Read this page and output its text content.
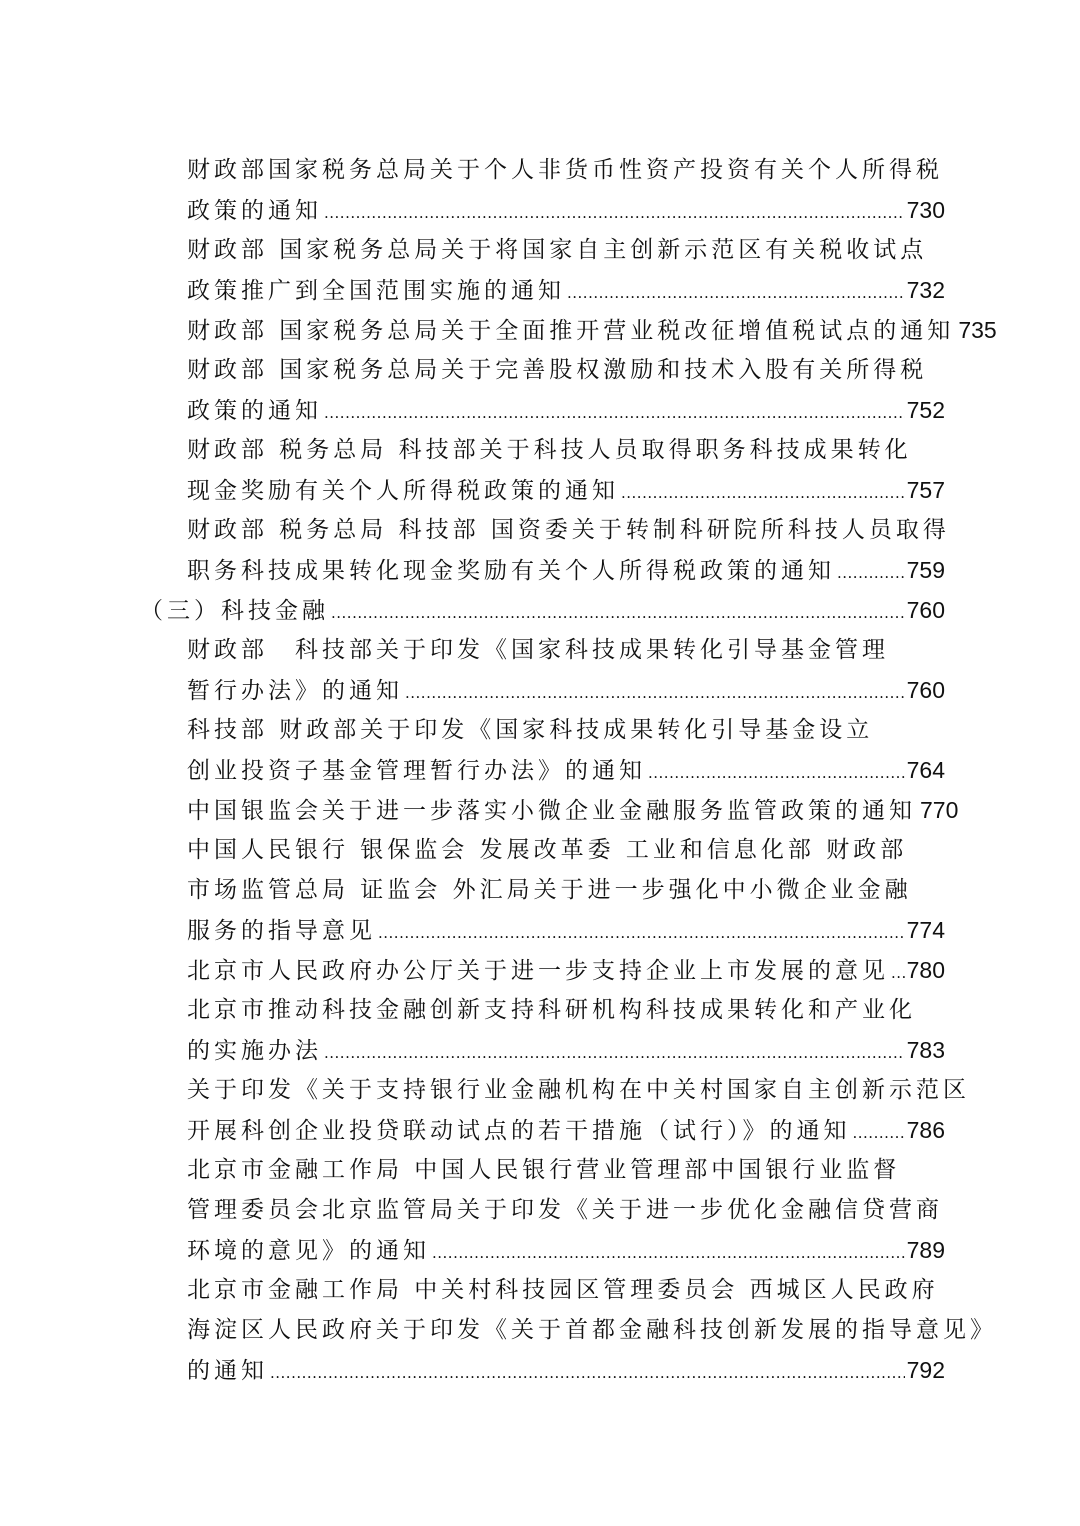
财政部国家税务总局关于个人非货币性资产投资有关个人所得税
政策的通知 .....	730
财政部 国家税务总局关于将国家自主创新示范区有关税收试点
政策推广到全国范围实施的通知 .....	732
财政部 国家税务总局关于全面推开营业税改征增值税试点的通知 735
财政部 国家税务总局关于完善股权激励和技术入股有关所得税
政策的通知 .....	752
财政部 税务总局 科技部关于科技人员取得职务科技成果转化
现金奖励有关个人所得税政策的通知 .....	757
财政部 税务总局 科技部 国资委关于转制科研院所科技人员取得
职务科技成果转化现金奖励有关个人所得税政策的通知 .....	759
（三）科技金融 .....	760
财政部　科技部关于印发《国家科技成果转化引导基金管理
暂行办法》的通知 .....	760
科技部 财政部关于印发《国家科技成果转化引导基金设立
创业投资子基金管理暂行办法》的通知 .....	764
中国银监会关于进一步落实小微企业金融服务监管政策的通知 770
中国人民银行 银保监会 发展改革委 工业和信息化部 财政部
市场监管总局 证监会 外汇局关于进一步强化中小微企业金融
服务的指导意见 .....	774
北京市人民政府办公厅关于进一步支持企业上市发展的意见 ..... 780
北京市推动科技金融创新支持科研机构科技成果转化和产业化
的实施办法 .....	783
关于印发《关于支持银行业金融机构在中关村国家自主创新示范区
开展科创企业投贷联动试点的若干措施（试行）》的通知 ..... 786
北京市金融工作局 中国人民银行营业管理部中国银行业监督
管理委员会北京监管局关于印发《关于进一步优化金融信贷营商
环境的意见》的通知 .....	789
北京市金融工作局 中关村科技园区管理委员会 西城区人民政府
海淀区人民政府关于印发《关于首都金融科技创新发展的指导意见》
的通知 .....	792
